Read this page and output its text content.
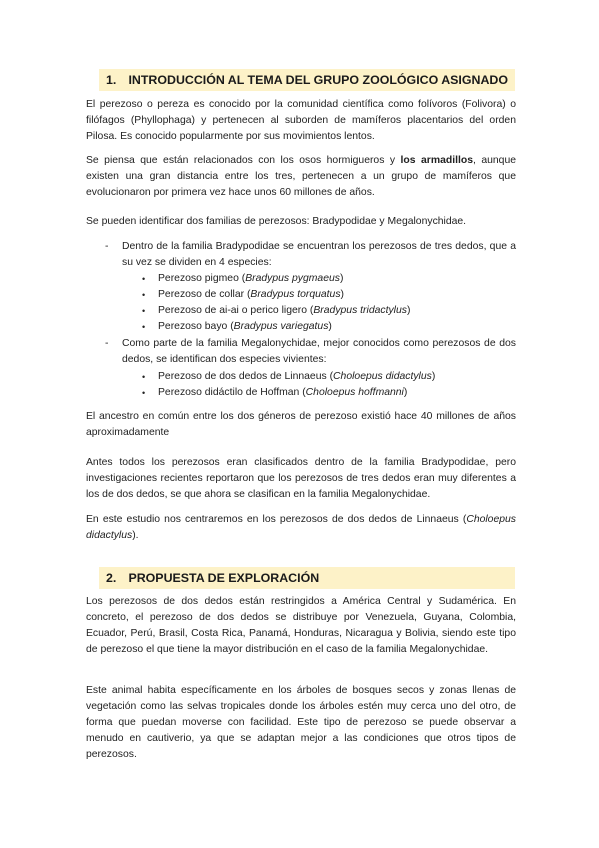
1. INTRODUCCIÓN AL TEMA DEL GRUPO ZOOLÓGICO ASIGNADO

El perezoso o pereza es conocido por la comunidad científica como folívoros (Folivora) o filófagos (Phyllophaga) y pertenecen al suborden de mamíferos placentarios del orden Pilosa. Es conocido popularmente por sus movimientos lentos.

Se piensa que están relacionados con los osos hormigueros y los armadillos, aunque existen una gran distancia entre los tres, pertenecen a un grupo de mamíferos que evolucionaron por primera vez hace unos 60 millones de años.

Se pueden identificar dos familias de perezosos: Bradypodidae y Megalonychidae.

- Dentro de la familia Bradypodidae se encuentran los perezosos de tres dedos, que a su vez se dividen en 4 especies:
• Perezoso pigmeo (Bradypus pygmaeus)
• Perezoso de collar (Bradypus torquatus)
• Perezoso de ai-ai o perico ligero (Bradypus tridactylus)
• Perezoso bayo (Bradypus variegatus)
- Como parte de la familia Megalonychidae, mejor conocidos como perezosos de dos dedos, se identifican dos especies vivientes:
• Perezoso de dos dedos de Linnaeus (Choloepus didactylus)
• Perezoso didáctilo de Hoffman (Choloepus hoffmanni)

El ancestro en común entre los dos géneros de perezoso existió hace 40 millones de años aproximadamente

Antes todos los perezosos eran clasificados dentro de la familia Bradypodidae, pero investigaciones recientes reportaron que los perezosos de tres dedos eran muy diferentes a los de dos dedos, se que ahora se clasifican en la familia Megalonychidae.

En este estudio nos centraremos en los perezosos de dos dedos de Linnaeus (Choloepus didactylus).

2. PROPUESTA DE EXPLORACIÓN

Los perezosos de dos dedos están restringidos a América Central y Sudamérica. En concreto, el perezoso de dos dedos se distribuye por Venezuela, Guyana, Colombia, Ecuador, Perú, Brasil, Costa Rica, Panamá, Honduras, Nicaragua y Bolivia, siendo este tipo de perezoso el que tiene la mayor distribución en el caso de la familia Megalonychidae.

Este animal habita específicamente en los árboles de bosques secos y zonas llenas de vegetación como las selvas tropicales donde los árboles estén muy cerca uno del otro, de forma que puedan moverse con facilidad. Este tipo de perezoso se puede observar a menudo en cautiverio, ya que se adaptan mejor a las condiciones que otros tipos de perezosos.
